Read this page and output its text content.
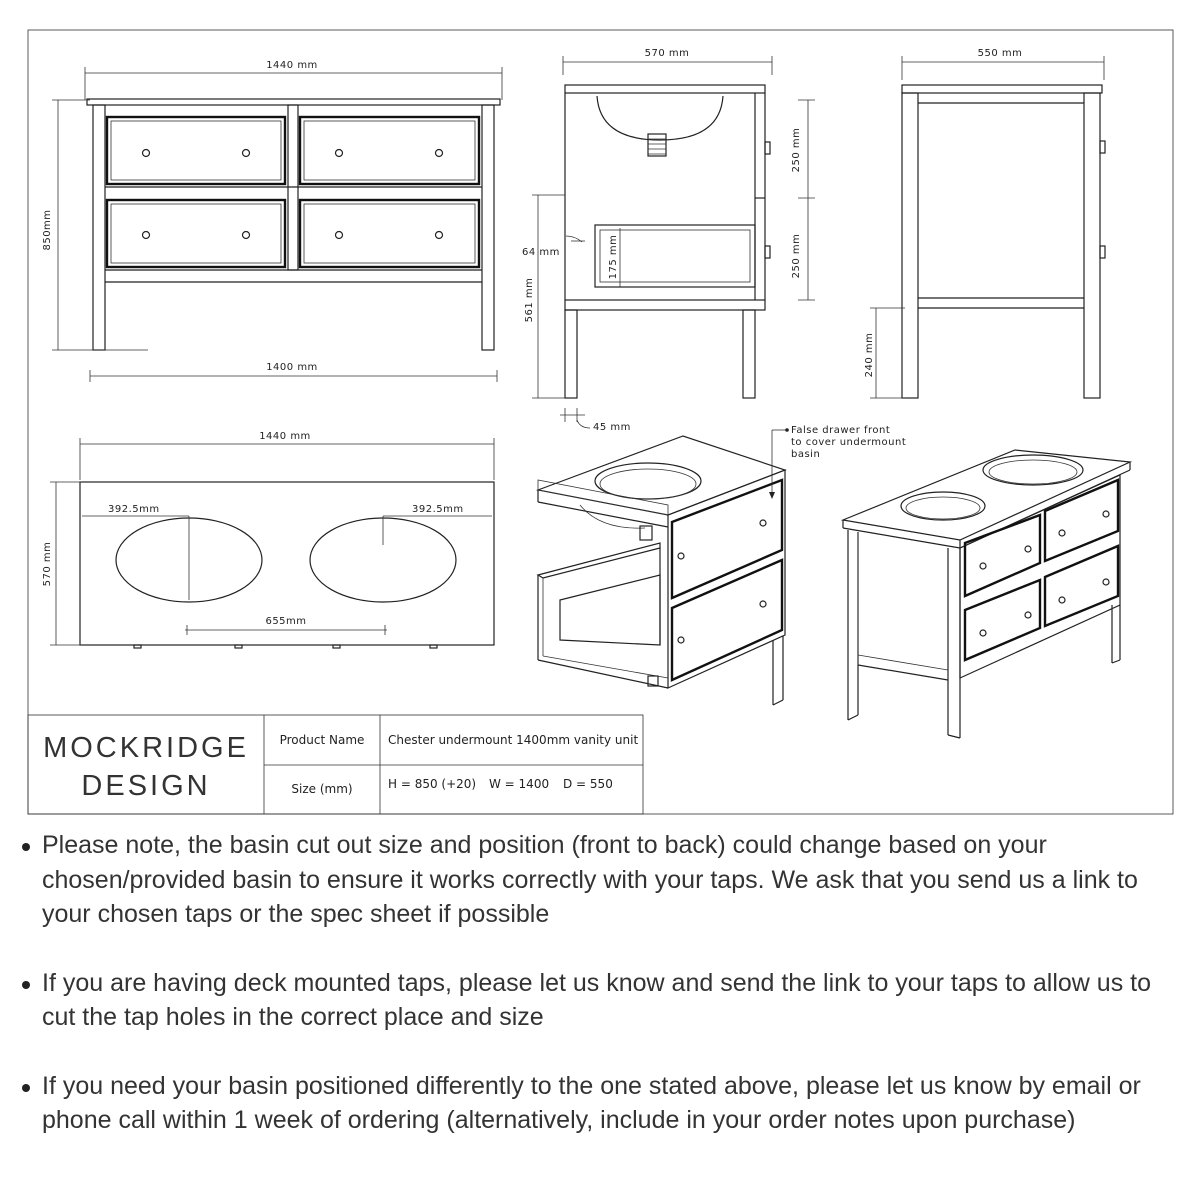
1440 mm
850mm
1400 mm
570 mm
250 mm
250 mm
64 mm	175 mm
561 mm
45 mm
550 mm
240 mm
1440 mm
392.5mm	392.5mm
655mm
570 mm
False drawer front
to cover undermount
basin
MOCKRIDGE
DESIGN
Product Name Chester undermount 1400mm vanity unit
Size (mm)	H = 850 (+20) W = 1400 D = 550
Please note, the basin cut out size and position (front to back) could change based on your chosen/provided basin to ensure it works correctly with your taps. We ask that you send us a link to your chosen taps or the spec sheet if possible
If you are having deck mounted taps, please let us know and send the link to your taps to allow us to cut the tap holes in the correct place and size
If you need your basin positioned differently to the one stated above, please let us know by email or phone call within 1 week of ordering (alternatively, include in your order notes upon purchase)
